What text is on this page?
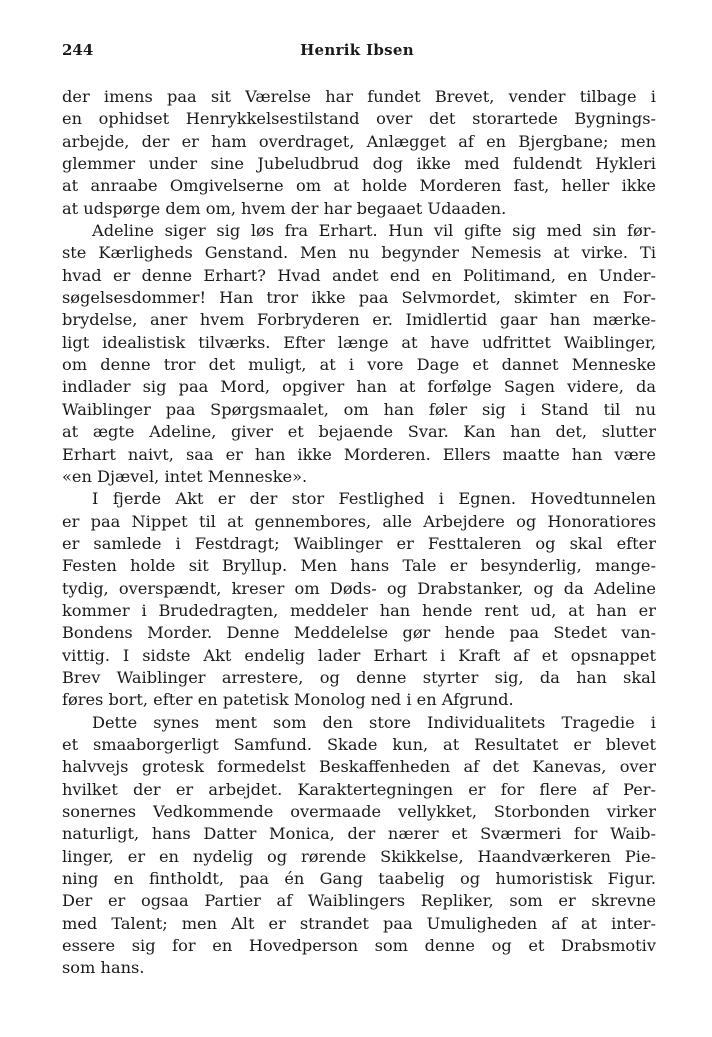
244	Henrik Ibsen
der imens paa sit Værelse har fundet Brevet, vender tilbage i
en ophidset Henrykkelsestilstand over det storartede Bygnings-
arbejde, der er ham overdraget, Anlægget af en Bjergbane; men
glemmer under sine Jubeludbrud dog ikke med fuldendt Hykleri
at anraabe Omgivelserne om at holde Morderen fast, heller ikke
at udspørge dem om, hvem der har begaaet Udaaden.
Adeline siger sig løs fra Erhart. Hun vil gifte sig med sin før-
ste Kærligheds Genstand. Men nu begynder Nemesis at virke. Ti
hvad er denne Erhart? Hvad andet end en Politimand, en Under-
søgelsesdommer! Han tror ikke paa Selvmordet, skimter en For-
brydelse, aner hvem Forbryderen er. Imidlertid gaar han mærke-
ligt idealistisk tilværks. Efter længe at have udfrittet Waiblinger,
om denne tror det muligt, at i vore Dage et dannet Menneske
indlader sig paa Mord, opgiver han at forfølge Sagen videre, da
Waiblinger paa Spørgsmaalet, om han føler sig i Stand til nu
at ægte Adeline, giver et bejaende Svar. Kan han det, slutter
Erhart naivt, saa er han ikke Morderen. Ellers maatte han være
«en Djævel, intet Menneske».
I fjerde Akt er der stor Festlighed i Egnen. Hovedtunnelen
er paa Nippet til at gennembores, alle Arbejdere og Honoratiores
er samlede i Festdragt; Waiblinger er Festtaleren og skal efter
Festen holde sit Bryllup. Men hans Tale er besynderlig, mange-
tydig, overspændt, kreser om Døds- og Drabstanker, og da Adeline
kommer i Brudedragten, meddeler han hende rent ud, at han er
Bondens Morder. Denne Meddelelse gør hende paa Stedet van-
vittig. I sidste Akt endelig lader Erhart i Kraft af et opsnappet
Brev Waiblinger arrestere, og denne styrter sig, da han skal
føres bort, efter en patetisk Monolog ned i en Afgrund.
Dette synes ment som den store Individualitets Tragedie i
et smaaborgerligt Samfund. Skade kun, at Resultatet er blevet
halvvejs grotesk formedelst Beskaffenheden af det Kanevas, over
hvilket der er arbejdet. Karaktertegningen er for flere af Per-
sonernes Vedkommende overmaade vellykket, Storbonden virker
naturligt, hans Datter Monica, der nærer et Sværmeri for Waib-
linger, er en nydelig og rørende Skikkelse, Haandværkeren Pie-
ning en fintholdt, paa én Gang taabelig og humoristisk Figur.
Der er ogsaa Partier af Waiblingers Repliker, som er skrevne
med Talent; men Alt er strandet paa Umuligheden af at inter-
essere sig for en Hovedperson som denne og et Drabsmotiv
som hans.
